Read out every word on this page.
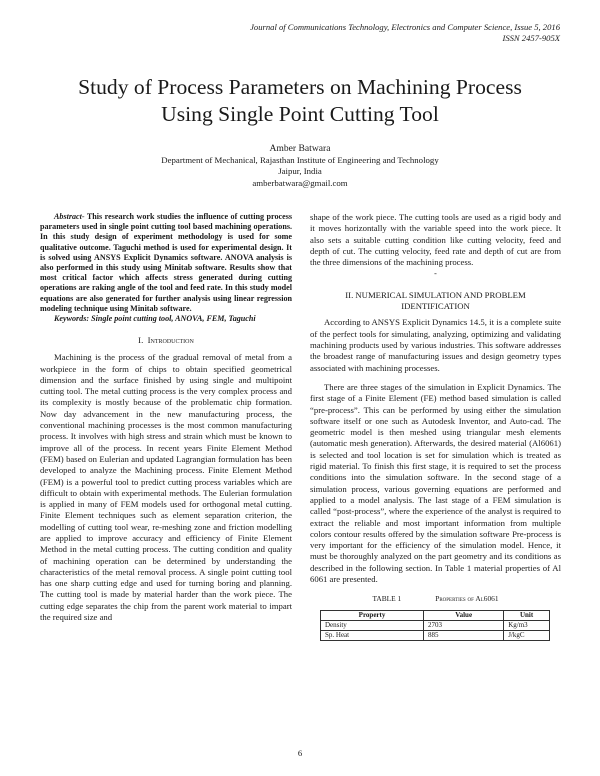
Journal of Communications Technology, Electronics and Computer Science, Issue 5, 2016
ISSN 2457-905X
Study of Process Parameters on Machining Process
Using Single Point Cutting Tool
Amber Batwara
Department of Mechanical, Rajasthan Institute of Engineering and Technology
Jaipur, India
amberbatwara@gmail.com

Abstract- This research work studies the influence of cutting process parameters used in single point cutting tool based machining operations. In this study design of experiment methodology is used for some qualitative outcome. Taguchi method is used for experimental design. It is solved using ANSYS Explicit Dynamics software. ANOVA analysis is also performed in this study using Minitab software. Results show that most critical factor which affects stress generated during cutting operations are raking angle of the tool and feed rate. In this study model equations are also generated for further analysis using linear regression modeling technique using Minitab software.

Keywords: Single point cutting tool, ANOVA, FEM, Taguchi

I. Introduction

Machining is the process of the gradual removal of metal from a workpiece in the form of chips to obtain specified geometrical dimension and the surface finished by using single and multipoint cutting tool. The metal cutting process is the very complex process and its complexity is mostly because of the problematic chip formation. Now day advancement in the new manufacturing process, the conventional machining processes is the most common manufacturing process. It involves with high stress and strain which must be known to improve all of the process. In recent years Finite Element Method (FEM) based on Eulerian and updated Lagrangian formulation has been developed to analyze the Machining process. Finite Element Method (FEM) is a powerful tool to predict cutting process variables which are difficult to obtain with experimental methods. The Eulerian formulation is applied in many of FEM models used for orthogonal metal cutting. Finite Element techniques such as element separation criterion, the modelling of cutting tool wear, re-meshing zone and friction modelling are applied to improve accuracy and efficiency of Finite Element Method in the metal cutting process. The cutting condition and quality of machining operation can be determined by understanding the characteristics of the metal removal process. A single point cutting tool has one sharp cutting edge and used for turning boring and planning. The cutting tool is made by material harder than the work piece. The cutting edge separates the chip from the parent work material to impart the required size and

shape of the work piece. The cutting tools are used as a rigid body and it moves horizontally with the variable speed into the work piece. It also sets a suitable cutting condition like cutting velocity, feed and depth of cut. The cutting velocity, feed rate and depth of cut are from the three dimensions of the machining process.

-
II. NUMERICAL SIMULATION AND PROBLEM
IDENTIFICATION

According to ANSYS Explicit Dynamics 14.5, it is a complete suite of the perfect tools for simulating, analyzing, optimizing and validating machining products used by various industries. This software addresses the broadest range of manufacturing issues and design geometry types associated with machining processes.

There are three stages of the simulation in Explicit Dynamics. The first stage of a Finite Element (FE) method based simulation is called “pre-process”. This can be performed by using either the simulation software itself or one such as Autodesk Inventor, and Auto-cad. The geometric model is then meshed using triangular mesh elements (automatic mesh generation). Afterwards, the desired material (Al6061) is selected and tool location is set for simulation which is treated as rigid material. To finish this first stage, it is required to set the process conditions into the simulation software. In the second stage of a simulation process, various governing equations are performed and applied to a model analysis. The last stage of a FEM simulation is called “post-process”, where the experience of the analyst is required to extract the reliable and most important information from multiple colors contour results offered by the simulation software Pre-process is very important for the efficiency of the simulation model. Hence, it must be thoroughly analyzed on the part geometry and its conditions as described in the following section. In Table 1 material properties of Al 6061 are presented.

TABLE 1	Properties of Al6061
Property	Value	Unit
Density	2703	Kg/m3
Sp. Heat	885	J/kgC
6
